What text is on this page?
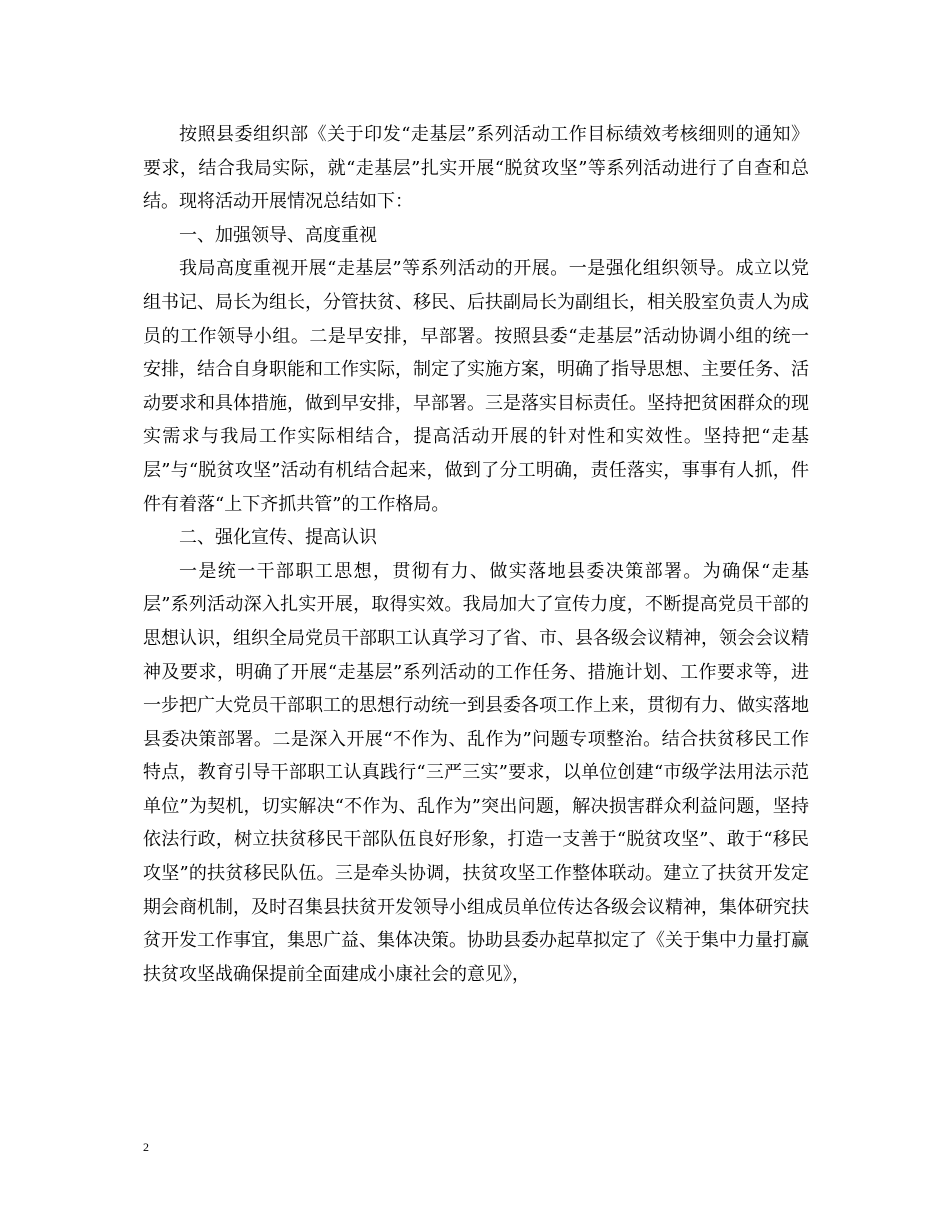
按照县委组织部《关于印发“走基层”系列活动工作目标绩效考核细则的通知》要求，结合我局实际，就“走基层”扎实开展“脱贫攻坚”等系列活动进行了自查和总结。现将活动开展情况总结如下：

一、加强领导、高度重视

我局高度重视开展“走基层”等系列活动的开展。一是强化组织领导。成立以党组书记、局长为组长，分管扶贫、移民、后扶副局长为副组长，相关股室负责人为成员的工作领导小组。二是早安排，早部署。按照县委“走基层”活动协调小组的统一安排，结合自身职能和工作实际，制定了实施方案，明确了指导思想、主要任务、活动要求和具体措施，做到早安排，早部署。三是落实目标责任。坚持把贫困群众的现实需求与我局工作实际相结合，提高活动开展的针对性和实效性。坚持把“走基层”与“脱贫攻坚”活动有机结合起来，做到了分工明确，责任落实，事事有人抓，件件有着落“上下齐抓共管”的工作格局。

二、强化宣传、提高认识

一是统一干部职工思想，贯彻有力、做实落地县委决策部署。为确保“走基层”系列活动深入扎实开展，取得实效。我局加大了宣传力度，不断提高党员干部的思想认识，组织全局党员干部职工认真学习了省、市、县各级会议精神，领会会议精神及要求，明确了开展“走基层”系列活动的工作任务、措施计划、工作要求等，进一步把广大党员干部职工的思想行动统一到县委各项工作上来，贯彻有力、做实落地县委决策部署。二是深入开展“不作为、乱作为”问题专项整治。结合扶贫移民工作特点，教育引导干部职工认真践行“三严三实”要求，以单位创建“市级学法用法示范单位”为契机，切实解决“不作为、乱作为”突出问题，解决损害群众利益问题，坚持依法行政，树立扶贫移民干部队伍良好形象，打造一支善于“脱贫攻坚”、敢于“移民攻坚”的扶贫移民队伍。三是牵头协调，扶贫攻坚工作整体联动。建立了扶贫开发定期会商机制，及时召集县扶贫开发领导小组成员单位传达各级会议精神，集体研究扶贫开发工作事宜，集思广益、集体决策。协助县委办起草拟定了《关于集中力量打赢扶贫攻坚战确保提前全面建成小康社会的意见》，

2
